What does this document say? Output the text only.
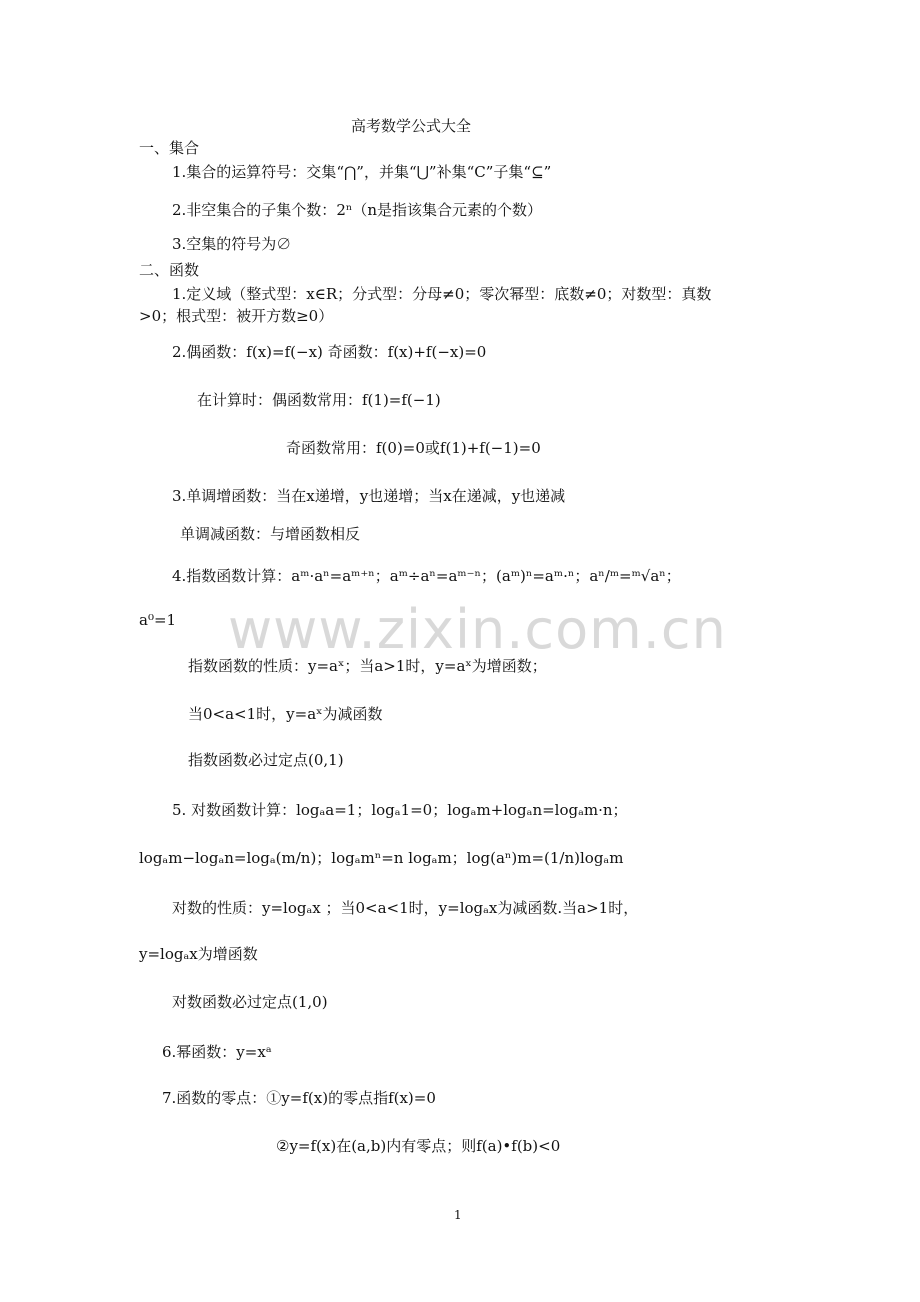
www.zixin.com.cn
高考数学公式大全
一、集合
1.集合的运算符号：交集“⋂”，并集“⋃”补集“C”子集“⊆”
2.非空集合的子集个数：2ⁿ（n是指该集合元素的个数）
3.空集的符号为∅
二、函数
1.定义域（整式型：x∈R；分式型：分母≠0；零次幂型：底数≠0；对数型：真数
>0；根式型：被开方数≥0）
2.偶函数：f(x)=f(−x) 奇函数：f(x)+f(−x)=0
在计算时：偶函数常用：f(1)=f(−1)
奇函数常用：f(0)=0或f(1)+f(−1)=0
3.单调增函数：当在x递增，y也递增；当x在递减，y也递减
单调减函数：与增函数相反
4.指数函数计算：aᵐ·aⁿ=aᵐ⁺ⁿ；aᵐ÷aⁿ=aᵐ⁻ⁿ；(aᵐ)ⁿ=aᵐ·ⁿ；aⁿ/ᵐ=ᵐ√aⁿ；
a⁰=1
指数函数的性质：y=aˣ；当a>1时，y=aˣ为增函数；
当0<a<1时，y=aˣ为减函数
指数函数必过定点(0,1)
5. 对数函数计算：logₐa=1；logₐ1=0；logₐm+logₐn=logₐm·n；
logₐm−logₐn=logₐ(m/n)；logₐmⁿ=n logₐm；log(aⁿ)m=(1/n)logₐm
对数的性质：y=logₐx ；当0<a<1时，y=logₐx为减函数.当a>1时，
y=logₐx为增函数
对数函数必过定点(1,0)
6.幂函数：y=xᵃ
7.函数的零点：①y=f(x)的零点指f(x)=0
②y=f(x)在(a,b)内有零点；则f(a)•f(b)<0
1
